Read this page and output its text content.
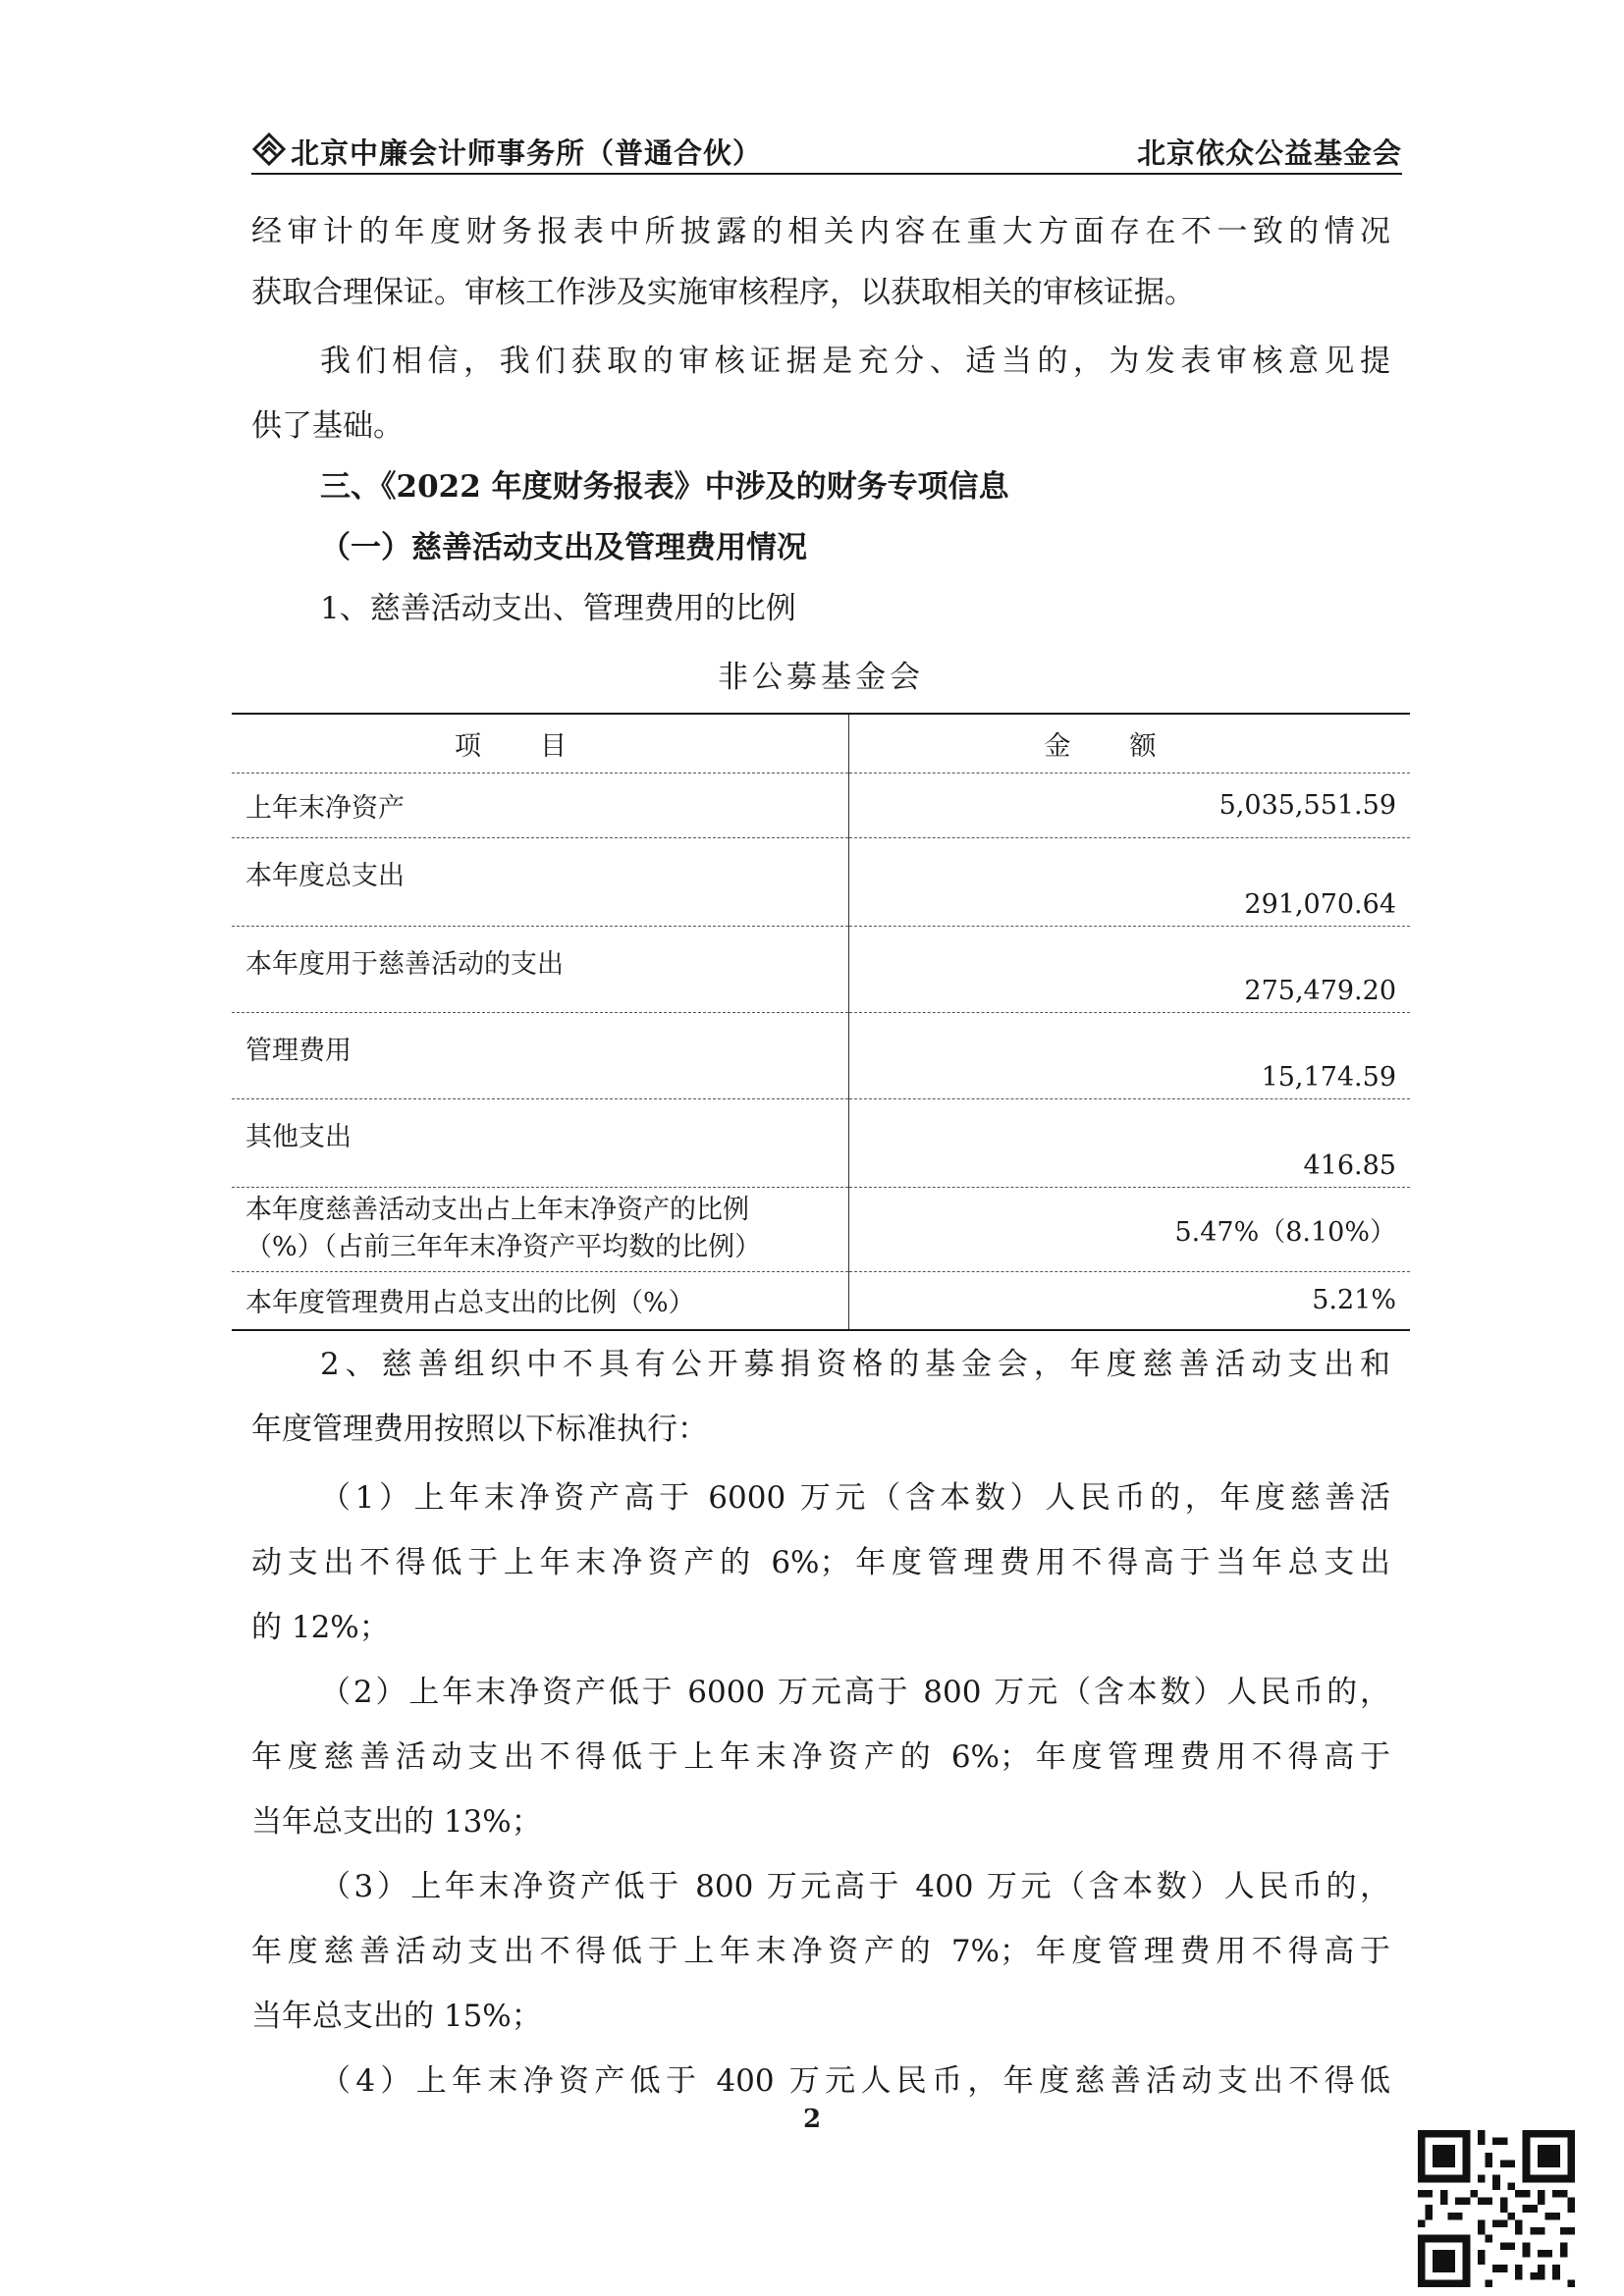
北京中廉会计师事务所（普通合伙）	北京依众公益基金会
经审计的年度财务报表中所披露的相关内容在重大方面存在不一致的情况
获取合理保证。审核工作涉及实施审核程序，以获取相关的审核证据。
我们相信，我们获取的审核证据是充分、适当的，为发表审核意见提
供了基础。
三、《2022 年度财务报表》中涉及的财务专项信息
（一）慈善活动支出及管理费用情况
1、慈善活动支出、管理费用的比例
非公募基金会
项目	金额
上年末净资产	5,035,551.59
本年度总支出	291,070.64
本年度用于慈善活动的支出	275,479.20
管理费用	15,174.59
其他支出	416.85

本年度慈善活动支出占上年末净资产的比例
（%）（占前三年年末净资产平均数的比例）	5.47%（8.10%）
本年度管理费用占总支出的比例（%）	5.21%
2、慈善组织中不具有公开募捐资格的基金会，年度慈善活动支出和
年度管理费用按照以下标准执行：
（1）上年末净资产高于 6000 万元（含本数）人民币的，年度慈善活
动支出不得低于上年末净资产的 6%；年度管理费用不得高于当年总支出
的 12%；
（2）上年末净资产低于 6000 万元高于 800 万元（含本数）人民币的，
年度慈善活动支出不得低于上年末净资产的 6%；年度管理费用不得高于
当年总支出的 13%；
（3）上年末净资产低于 800 万元高于 400 万元（含本数）人民币的，
年度慈善活动支出不得低于上年末净资产的 7%；年度管理费用不得高于
当年总支出的 15%；
（4）上年末净资产低于 400 万元人民币，年度慈善活动支出不得低
2
